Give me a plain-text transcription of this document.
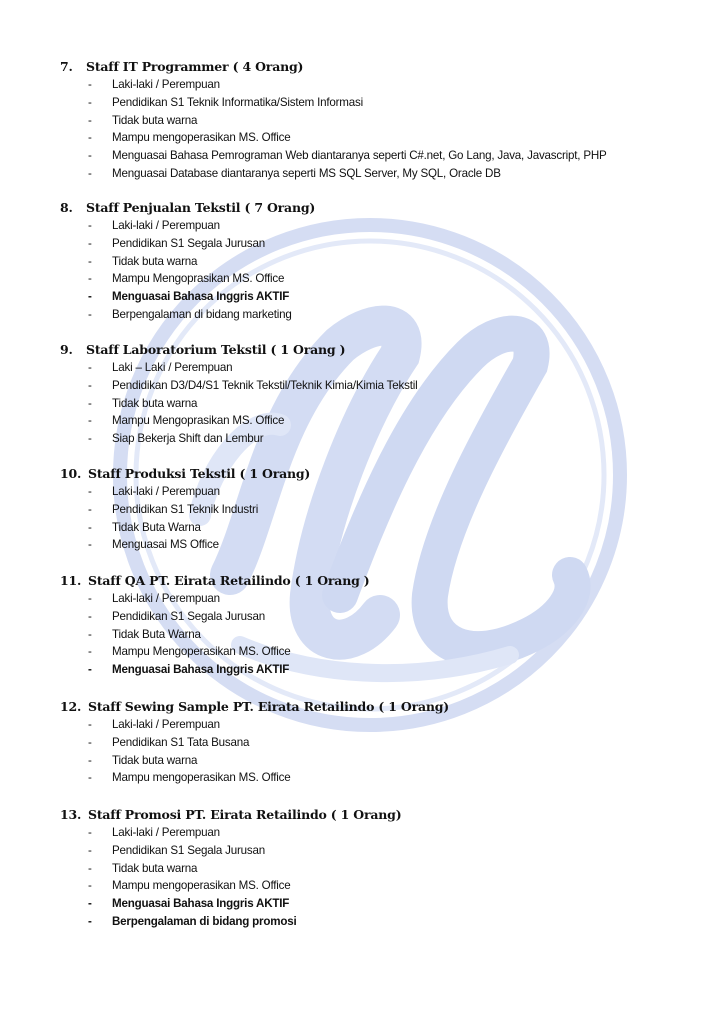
7.	Staff IT Programmer ( 4 Orang)
-	Laki-laki / Perempuan
-	Pendidikan S1 Teknik Informatika/Sistem Informasi
-	Tidak buta warna
-	Mampu mengoperasikan MS. Office
-	Menguasai Bahasa Pemrograman Web diantaranya seperti C#.net, Go Lang, Java, Javascript, PHP
-	Menguasai Database diantaranya seperti MS SQL Server, My SQL, Oracle DB
8.	Staff Penjualan Tekstil ( 7 Orang)
-	Laki-laki / Perempuan
-	Pendidikan S1 Segala Jurusan
-	Tidak buta warna
-	Mampu Mengoprasikan MS. Office
-	Menguasai Bahasa Inggris AKTIF
-	Berpengalaman di bidang marketing
9.	Staff Laboratorium Tekstil ( 1 Orang )
-	Laki – Laki / Perempuan
-	Pendidikan D3/D4/S1 Teknik Tekstil/Teknik Kimia/Kimia Tekstil
-	Tidak buta warna
-	Mampu Mengoprasikan MS. Office
-	Siap Bekerja Shift dan Lembur
10. Staff Produksi Tekstil ( 1 Orang)
-	Laki-laki / Perempuan
-	Pendidikan S1 Teknik Industri
-	Tidak Buta Warna
-	Menguasai MS Office
11. Staff QA PT. Eirata Retailindo ( 1 Orang )
-	Laki-laki / Perempuan
-	Pendidikan S1 Segala Jurusan
-	Tidak Buta Warna
-	Mampu Mengoperasikan MS. Office
-	Menguasai Bahasa Inggris AKTIF
12. Staff Sewing Sample PT. Eirata Retailindo ( 1 Orang)
-	Laki-laki / Perempuan
-	Pendidikan S1 Tata Busana
-	Tidak buta warna
-	Mampu mengoperasikan MS. Office
13. Staff Promosi PT. Eirata Retailindo ( 1 Orang)
-	Laki-laki / Perempuan
-	Pendidikan S1 Segala Jurusan
-	Tidak buta warna
-	Mampu mengoperasikan MS. Office
-	Menguasai Bahasa Inggris AKTIF
-	Berpengalaman di bidang promosi
